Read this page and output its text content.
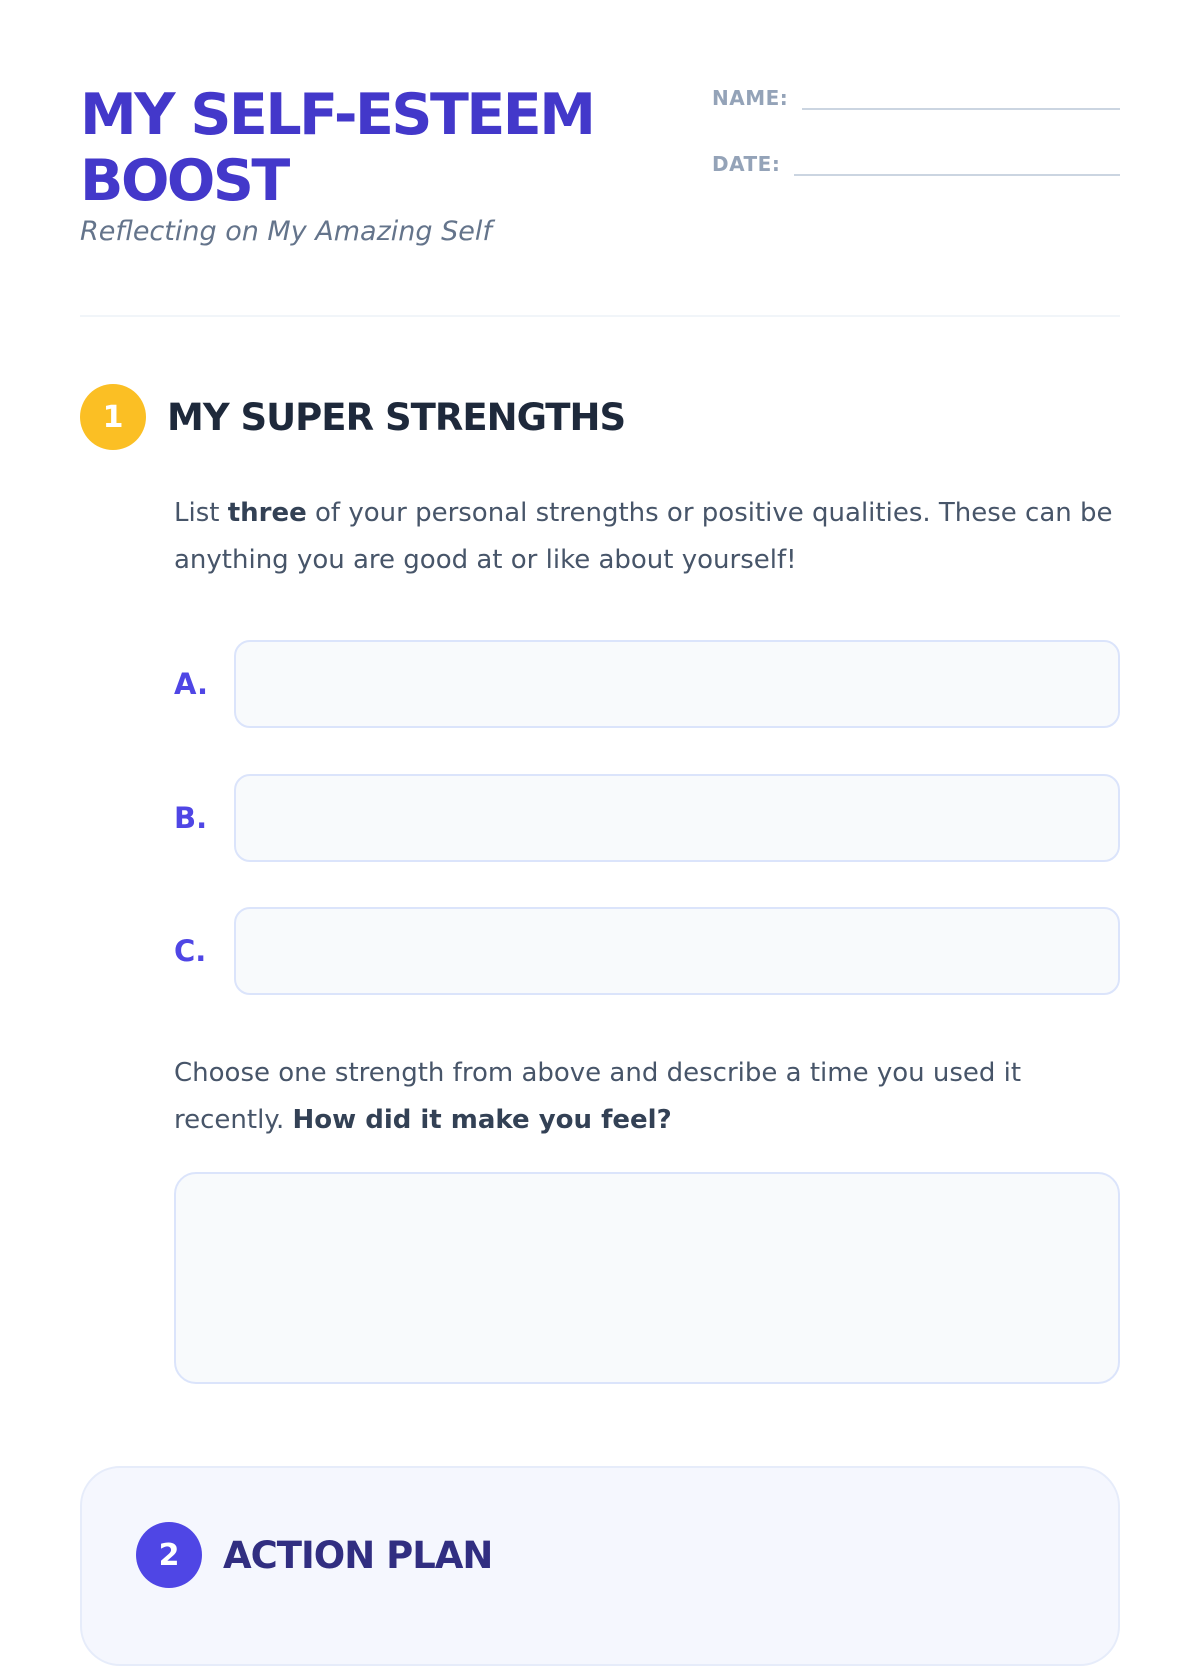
MY SELF-ESTEEM BOOST

Reflecting on My Amazing Self

NAME:
DATE:
1	MY SUPER STRENGTHS

List three of your personal strengths or positive qualities. These can be anything you are good at or like about yourself!

A.
B.
C.

Choose one strength from above and describe a time you used it recently. How did it make you feel?

2	ACTION PLAN
